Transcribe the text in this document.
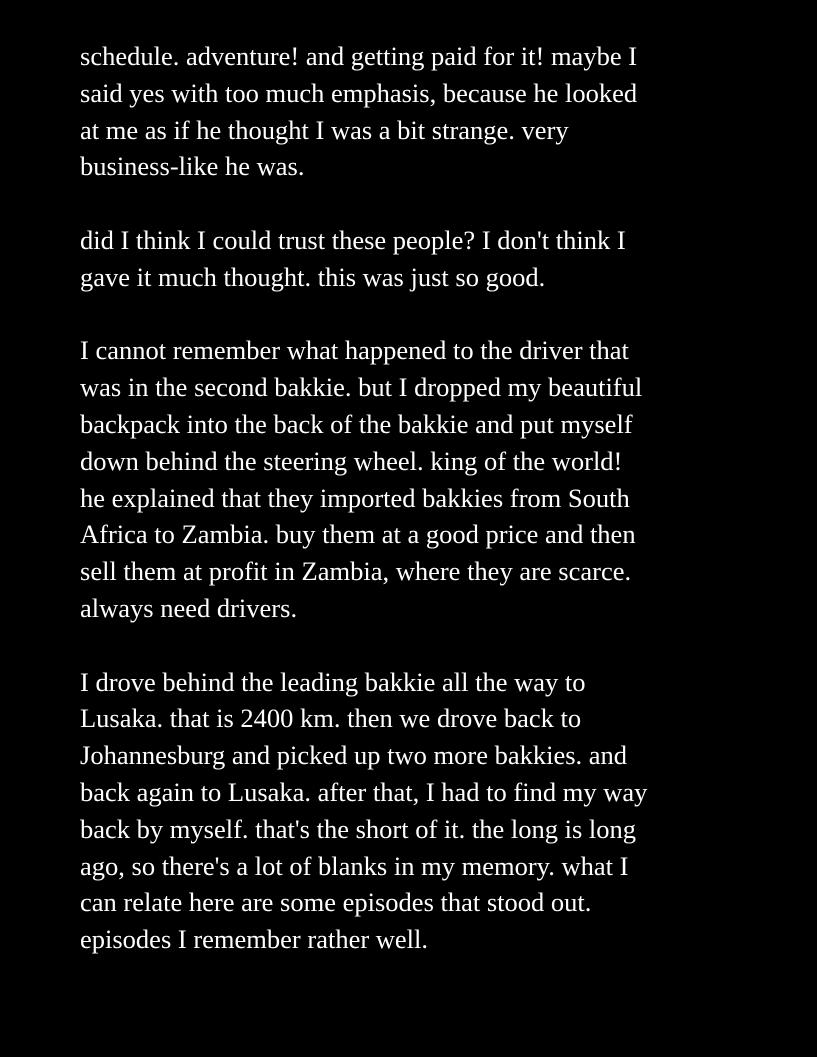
schedule. adventure! and getting paid for it! maybe I
said yes with too much emphasis, because he looked
at me as if he thought I was a bit strange. very
business-like he was.

did I think I could trust these people? I don't think I
gave it much thought. this was just so good.

I cannot remember what happened to the driver that
was in the second bakkie. but I dropped my beautiful
backpack into the back of the bakkie and put myself
down behind the steering wheel. king of the world!
he explained that they imported bakkies from South
Africa to Zambia. buy them at a good price and then
sell them at profit in Zambia, where they are scarce.
always need drivers.

I drove behind the leading bakkie all the way to
Lusaka. that is 2400 km. then we drove back to
Johannesburg and picked up two more bakkies. and
back again to Lusaka. after that, I had to find my way
back by myself. that's the short of it. the long is long
ago, so there's a lot of blanks in my memory. what I
can relate here are some episodes that stood out.
episodes I remember rather well.
